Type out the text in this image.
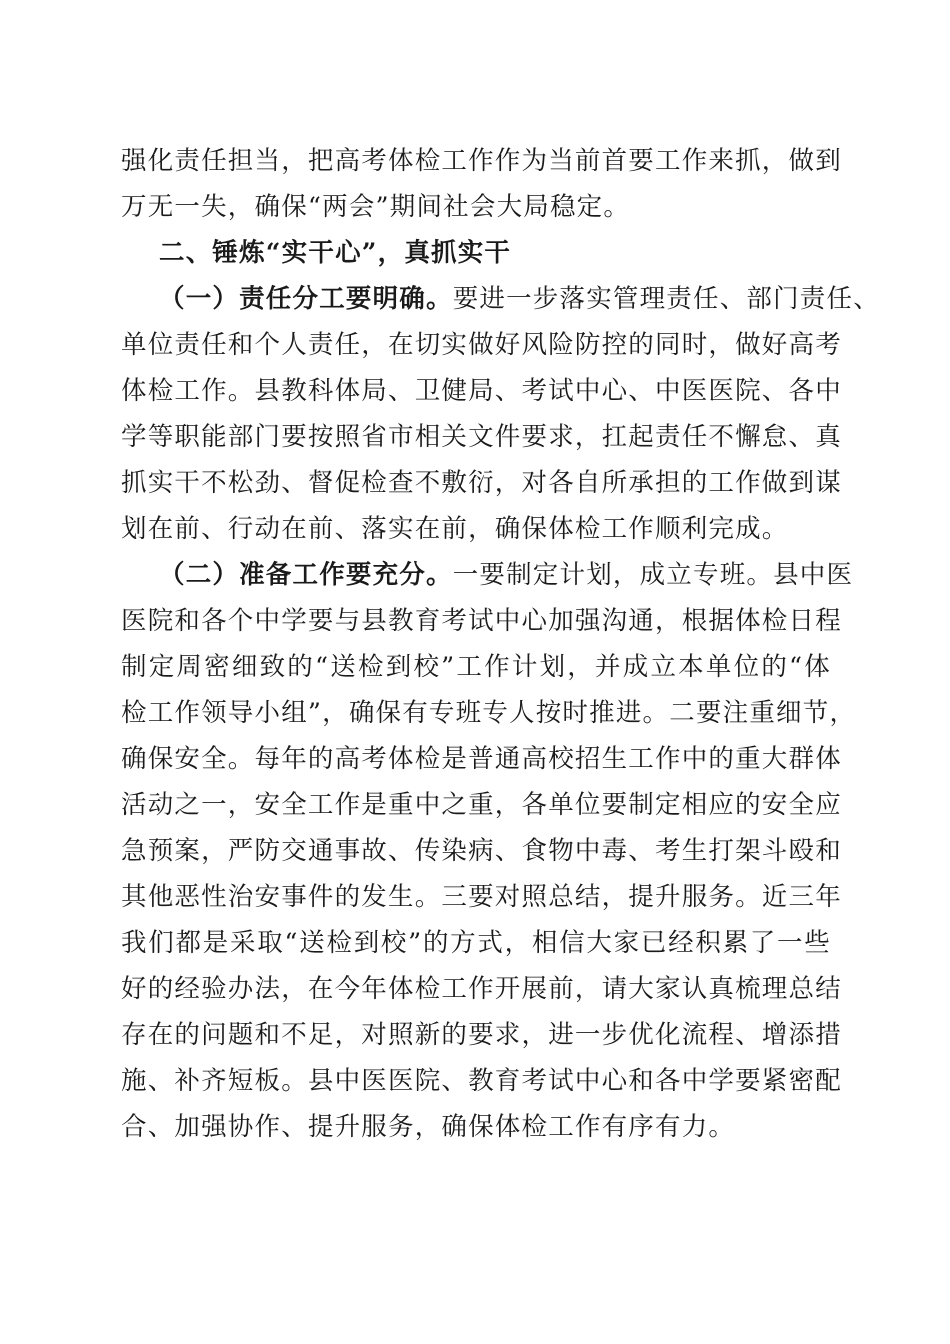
强化责任担当，把高考体检工作作为当前首要工作来抓，做到
万无一失，确保“两会”期间社会大局稳定。
二、锤炼“实干心”，真抓实干
（一）责任分工要明确。要进一步落实管理责任、部门责任、
单位责任和个人责任，在切实做好风险防控的同时，做好高考
体检工作。县教科体局、卫健局、考试中心、中医医院、各中
学等职能部门要按照省市相关文件要求，扛起责任不懈怠、真
抓实干不松劲、督促检查不敷衍，对各自所承担的工作做到谋
划在前、行动在前、落实在前，确保体检工作顺利完成。
（二）准备工作要充分。一要制定计划，成立专班。县中医
医院和各个中学要与县教育考试中心加强沟通，根据体检日程
制定周密细致的“送检到校”工作计划，并成立本单位的“体
检工作领导小组”，确保有专班专人按时推进。二要注重细节，
确保安全。每年的高考体检是普通高校招生工作中的重大群体
活动之一，安全工作是重中之重，各单位要制定相应的安全应
急预案，严防交通事故、传染病、食物中毒、考生打架斗殴和
其他恶性治安事件的发生。三要对照总结，提升服务。近三年
我们都是采取“送检到校”的方式，相信大家已经积累了一些
好的经验办法，在今年体检工作开展前，请大家认真梳理总结
存在的问题和不足，对照新的要求，进一步优化流程、增添措
施、补齐短板。县中医医院、教育考试中心和各中学要紧密配
合、加强协作、提升服务，确保体检工作有序有力。
